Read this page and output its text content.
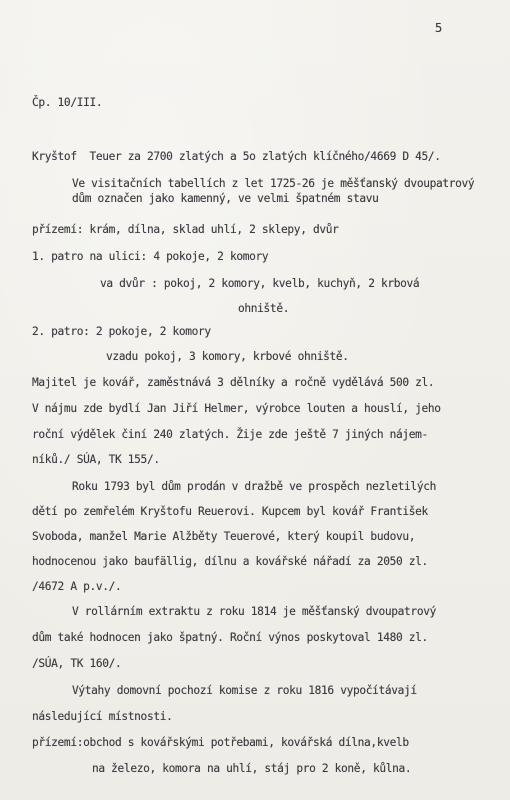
5
Čp. 10/III.
Kryštof  Teuer za 2700 zlatých a 5o zlatých klíčného/4669 D 45/.
Ve visitačních tabellích z let 1725-26 je měšťanský dvoupatrový dům označen jako kamenný, ve velmi špatném stavu
přízemí: krám, dílna, sklad uhlí, 2 sklepy, dvůr
1. patro na ulici: 4 pokoje, 2 komory
va dvůr : pokoj, 2 komory, kvelb, kuchyň, 2 krbová
ohniště.
2. patro: 2 pokoje, 2 komory
vzadu pokoj, 3 komory, krbové ohniště.
Majitel je kovář, zaměstnává 3 dělníky a ročně vydělává 500 zl.
V nájmu zde bydlí Jan Jiří Helmer, výrobce louten a houslí, jeho
roční výdělek činí 240 zlatých. Žije zde ještě 7 jiných nájem-
níků./ SÚA, TK 155/.
Roku 1793 byl dům prodán v dražbě ve prospěch nezletilých
dětí po zemřelém Kryštofu Reuerovi. Kupcem byl kovář František
Svoboda, manžel Marie Alžběty Teuerové, který koupil budovu,
hodnocenou jako baufällig, dílnu a kovářské nářadí za 2050 zl.
/4672 A p.v./.
V rollárním extraktu z roku 1814 je měšťanský dvoupatrový
dům také hodnocen jako špatný. Roční výnos poskytoval 1480 zl.
/SÚA, TK 160/.
Výtahy domovní pochozí komise z roku 1816 vypočítávají
následující místnosti.
přízemí:obchod s kovářskými potřebami, kovářská dílna,kvelb
na železo, komora na uhlí, stáj pro 2 koně, kůlna.
